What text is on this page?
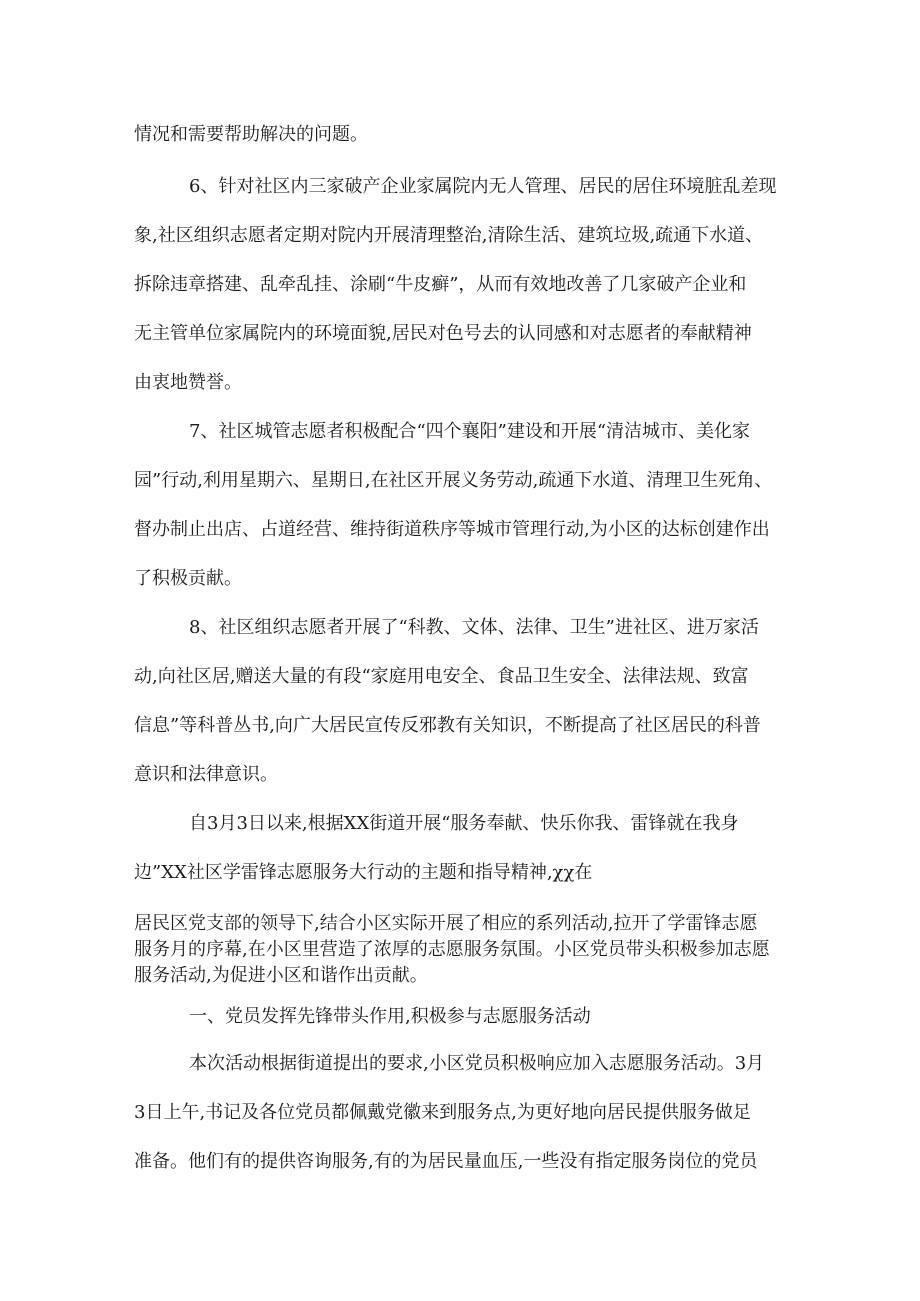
情况和需要帮助解决的问题。
6、针对社区内三家破产企业家属院内无人管理、居民的居住环境脏乱差现
象,社区组织志愿者定期对院内开展清理整治,清除生活、建筑垃圾,疏通下水道、
拆除违章搭建、乱牵乱挂、涂刷“牛皮癣”，从而有效地改善了几家破产企业和
无主管单位家属院内的环境面貌,居民对色号去的认同感和对志愿者的奉献精神
由衷地赞誉。
7、社区城管志愿者积极配合“四个襄阳”建设和开展“清洁城市、美化家
园”行动,利用星期六、星期日,在社区开展义务劳动,疏通下水道、清理卫生死角、
督办制止出店、占道经营、维持街道秩序等城市管理行动,为小区的达标创建作出
了积极贡献。
8、社区组织志愿者开展了“科教、文体、法律、卫生”进社区、进万家活
动,向社区居,赠送大量的有段“家庭用电安全、食品卫生安全、法律法规、致富
信息”等科普丛书,向广大居民宣传反邪教有关知识，不断提高了社区居民的科普
意识和法律意识。
自3月3日以来,根据XX街道开展“服务奉献、快乐你我、雷锋就在我身
边”XX社区学雷锋志愿服务大行动的主题和指导精神,χχ在
居民区党支部的领导下,结合小区实际开展了相应的系列活动,拉开了学雷锋志愿
服务月的序幕,在小区里营造了浓厚的志愿服务氛围。小区党员带头积极参加志愿
服务活动,为促进小区和谐作出贡献。
一、党员发挥先锋带头作用,积极参与志愿服务活动
本次活动根据街道提出的要求,小区党员积极响应加入志愿服务活动。3月
3日上午,书记及各位党员都佩戴党徽来到服务点,为更好地向居民提供服务做足
准备。他们有的提供咨询服务,有的为居民量血压,一些没有指定服务岗位的党员
